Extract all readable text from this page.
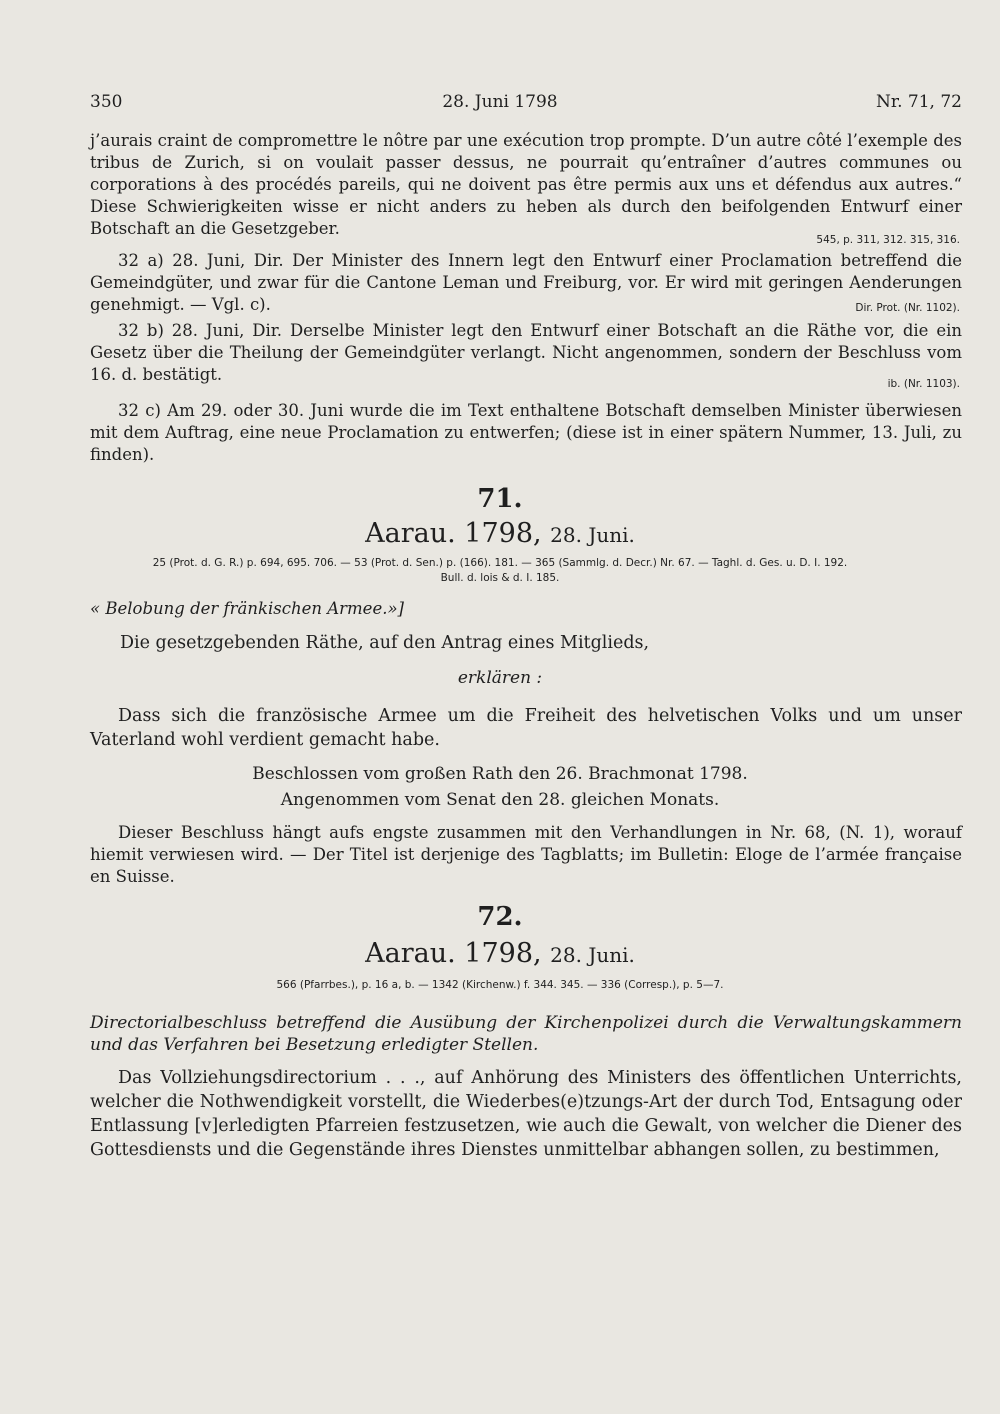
350	28. Juni 1798	Nr. 71, 72
j’aurais craint de compromettre le nôtre par une exécution trop prompte. D’un autre côté l’exemple des tribus de Zurich, si on voulait passer dessus, ne pourrait qu’entraîner d’autres communes ou corporations à des procédés pareils, qui ne doivent pas être permis aux uns et défendus aux autres.“ Diese Schwierigkeiten wisse er nicht anders zu heben als durch den beifolgenden Entwurf einer Botschaft an die Gesetzgeber.
545, p. 311, 312. 315, 316.
32 a) 28. Juni, Dir. Der Minister des Innern legt den Entwurf einer Proclamation betreffend die Gemeindgüter, und zwar für die Cantone Leman und Freiburg, vor. Er wird mit geringen Aenderungen genehmigt. — Vgl. c).	Dir. Prot. (Nr. 1102).
32 b) 28. Juni, Dir. Derselbe Minister legt den Entwurf einer Botschaft an die Räthe vor, die ein Gesetz über die Theilung der Gemeindgüter verlangt. Nicht angenommen, sondern der Beschluss vom 16. d. bestätigt.	ib. (Nr. 1103).
32 c) Am 29. oder 30. Juni wurde die im Text enthaltene Botschaft demselben Minister überwiesen mit dem Auftrag, eine neue Proclamation zu entwerfen; (diese ist in einer spätern Nummer, 13. Juli, zu finden).
71.
Aarau. 1798, 28. Juni.
25 (Prot. d. G. R.) p. 694, 695. 706. — 53 (Prot. d. Sen.) p. (166). 181. — 365 (Sammlg. d. Decr.) Nr. 67. — Taghl. d. Ges. u. D. I. 192.
Bull. d. lois & d. I. 185.
« Belobung der fränkischen Armee.»]
Die gesetzgebenden Räthe, auf den Antrag eines Mitglieds,
erklären :
Dass sich die französische Armee um die Freiheit des helvetischen Volks und um unser Vaterland wohl verdient gemacht habe.
Beschlossen vom großen Rath den 26. Brachmonat 1798.
Angenommen vom Senat den 28. gleichen Monats.
Dieser Beschluss hängt aufs engste zusammen mit den Verhandlungen in Nr. 68, (N. 1), worauf hiemit verwiesen wird. — Der Titel ist derjenige des Tagblatts; im Bulletin: Eloge de l’armée française en Suisse.
72.
Aarau. 1798, 28. Juni.
566 (Pfarrbes.), p. 16 a, b. — 1342 (Kirchenw.) f. 344. 345. — 336 (Corresp.), p. 5—7.
Directorialbeschluss betreffend die Ausübung der Kirchenpolizei durch die Verwaltungskammern und das Verfahren bei Besetzung erledigter Stellen.
Das Vollziehungsdirectorium . . ., auf Anhörung des Ministers des öffentlichen Unterrichts, welcher die Nothwendigkeit vorstellt, die Wiederbes(e)tzungs-Art der durch Tod, Entsagung oder Entlassung [v]erledigten Pfarreien festzusetzen, wie auch die Gewalt, von welcher die Diener des Gottesdiensts und die Gegenstände ihres Dienstes unmittelbar abhangen sollen, zu bestimmen,
